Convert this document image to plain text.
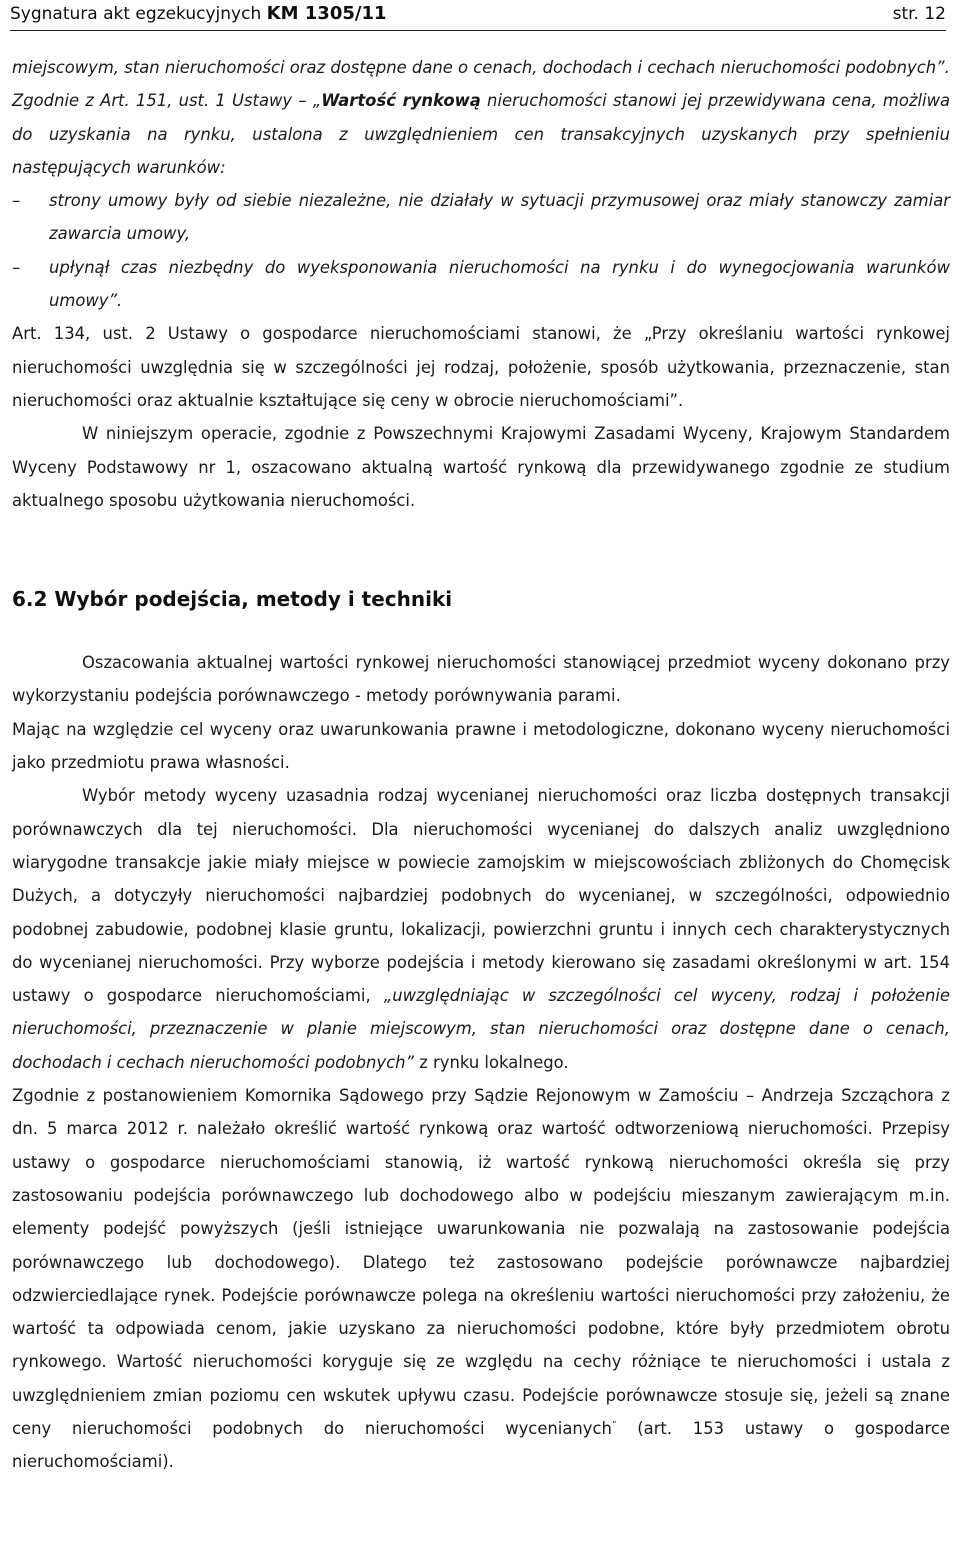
Sygnatura akt egzekucyjnych KM 1305/11	str. 12

miejscowym, stan nieruchomości oraz dostępne dane o cenach, dochodach i cechach nieruchomości podobnych”.

Zgodnie z Art. 151, ust. 1 Ustawy – „Wartość rynkową nieruchomości stanowi jej przewidywana cena, możliwa do uzyskania na rynku, ustalona z uwzględnieniem cen transakcyjnych uzyskanych przy spełnieniu następujących warunków:

– strony umowy były od siebie niezależne, nie działały w sytuacji przymusowej oraz miały stanowczy zamiar zawarcia umowy,
– upłynął czas niezbędny do wyeksponowania nieruchomości na rynku i do wynegocjowania warunków umowy”.

Art. 134, ust. 2 Ustawy o gospodarce nieruchomościami stanowi, że „Przy określaniu wartości rynkowej nieruchomości uwzględnia się w szczególności jej rodzaj, położenie, sposób użytkowania, przeznaczenie, stan nieruchomości oraz aktualnie kształtujące się ceny w obrocie nieruchomościami”.

W niniejszym operacie, zgodnie z Powszechnymi Krajowymi Zasadami Wyceny, Krajowym Standardem Wyceny Podstawowy nr 1, oszacowano aktualną wartość rynkową dla przewidywanego zgodnie ze studium aktualnego sposobu użytkowania nieruchomości.

6.2 Wybór podejścia, metody i techniki

Oszacowania aktualnej wartości rynkowej nieruchomości stanowiącej przedmiot wyceny dokonano przy wykorzystaniu podejścia porównawczego - metody porównywania parami.

Mając na względzie cel wyceny oraz uwarunkowania prawne i metodologiczne, dokonano wyceny nieruchomości jako przedmiotu prawa własności.

Wybór metody wyceny uzasadnia rodzaj wycenianej nieruchomości oraz liczba dostępnych transakcji porównawczych dla tej nieruchomości. Dla nieruchomości wycenianej do dalszych analiz uwzględniono wiarygodne transakcje jakie miały miejsce w powiecie zamojskim w miejscowościach zbliżonych do Chomęcisk Dużych, a dotyczyły nieruchomości najbardziej podobnych do wycenianej, w szczególności, odpowiednio podobnej zabudowie, podobnej klasie gruntu, lokalizacji, powierzchni gruntu i innych cech charakterystycznych do wycenianej nieruchomości. Przy wyborze podejścia i metody kierowano się zasadami określonymi w art. 154 ustawy o gospodarce nieruchomościami, „uwzględniając w szczególności cel wyceny, rodzaj i położenie nieruchomości, przeznaczenie w planie miejscowym, stan nieruchomości oraz dostępne dane o cenach, dochodach i cechach nieruchomości podobnych” z rynku lokalnego.

Zgodnie z postanowieniem Komornika Sądowego przy Sądzie Rejonowym w Zamościu – Andrzeja Szcząchora z dn. 5 marca 2012 r. należało określić wartość rynkową oraz wartość odtworzeniową nieruchomości. Przepisy ustawy o gospodarce nieruchomościami stanowią, iż wartość rynkową nieruchomości określa się przy zastosowaniu podejścia porównawczego lub dochodowego albo w podejściu mieszanym zawierającym m.in. elementy podejść powyższych (jeśli istniejące uwarunkowania nie pozwalają na zastosowanie podejścia porównawczego lub dochodowego). Dlatego też zastosowano podejście porównawcze najbardziej odzwierciedlające rynek. Podejście porównawcze polega na określeniu wartości nieruchomości przy założeniu, że wartość ta odpowiada cenom, jakie uzyskano za nieruchomości podobne, które były przedmiotem obrotu rynkowego. Wartość nieruchomości koryguje się ze względu na cechy różniące te nieruchomości i ustala z uwzględnieniem zmian poziomu cen wskutek upływu czasu. Podejście porównawcze stosuje się, jeżeli są znane ceny nieruchomości podobnych do nieruchomości wycenianych” (art. 153 ustawy o gospodarce nieruchomościami).
